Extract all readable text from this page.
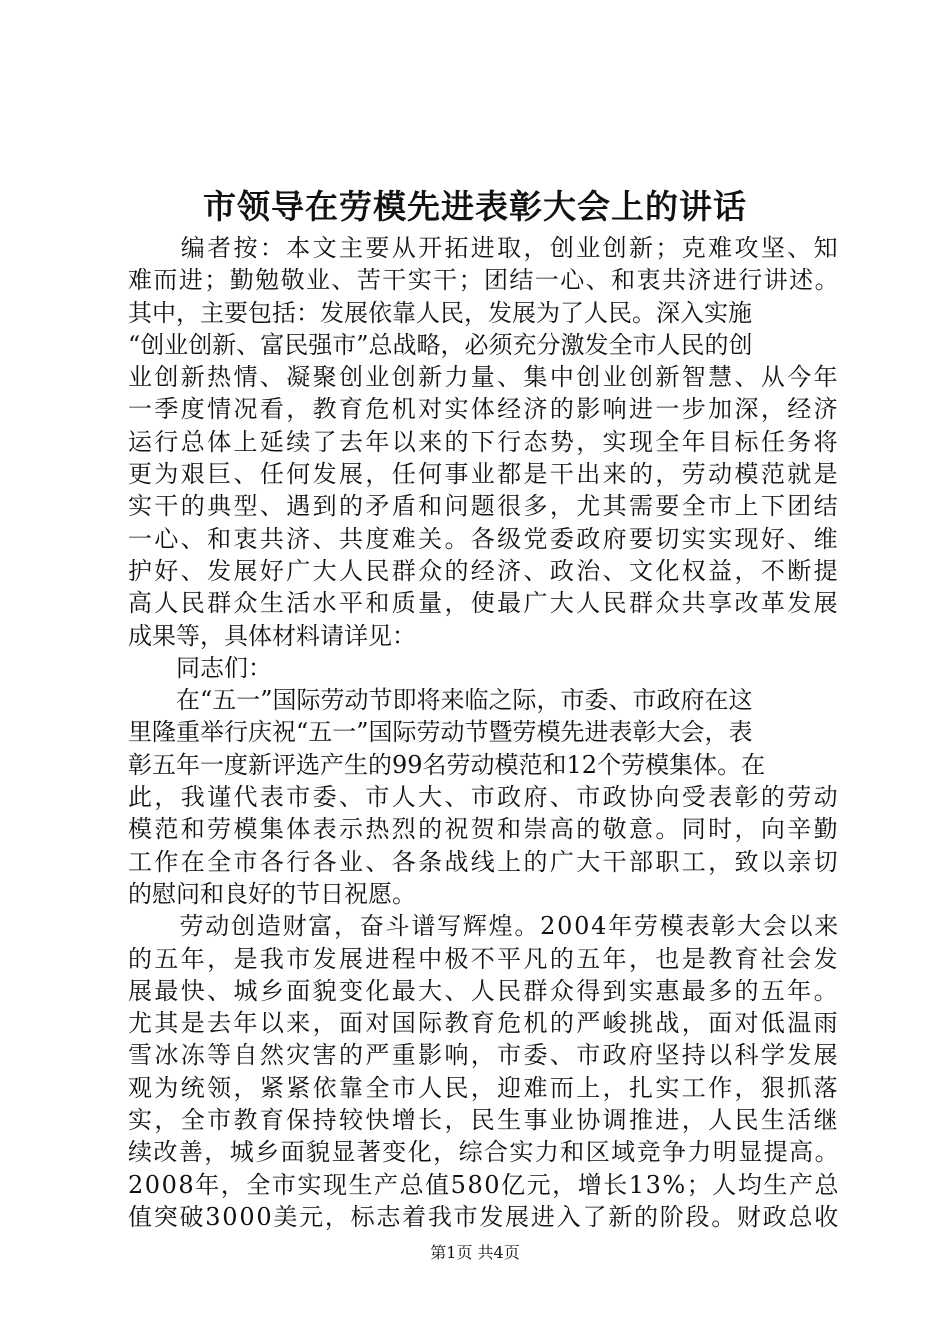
市领导在劳模先进表彰大会上的讲话
　　编者按：本文主要从开拓进取，创业创新；克难攻坚、知
难而进；勤勉敬业、苦干实干；团结一心、和衷共济进行讲述。
其中，主要包括：发展依靠人民，发展为了人民。深入实施
“创业创新、富民强市”总战略，必须充分激发全市人民的创
业创新热情、凝聚创业创新力量、集中创业创新智慧、从今年
一季度情况看，教育危机对实体经济的影响进一步加深，经济
运行总体上延续了去年以来的下行态势，实现全年目标任务将
更为艰巨、任何发展，任何事业都是干出来的，劳动模范就是
实干的典型、遇到的矛盾和问题很多，尤其需要全市上下团结
一心、和衷共济、共度难关。各级党委政府要切实实现好、维
护好、发展好广大人民群众的经济、政治、文化权益，不断提
高人民群众生活水平和质量，使最广大人民群众共享改革发展
成果等，具体材料请详见：
　　同志们：
　　在“五一”国际劳动节即将来临之际，市委、市政府在这
里隆重举行庆祝“五一”国际劳动节暨劳模先进表彰大会，表
彰五年一度新评选产生的99名劳动模范和12个劳模集体。在
此，我谨代表市委、市人大、市政府、市政协向受表彰的劳动
模范和劳模集体表示热烈的祝贺和崇高的敬意。同时，向辛勤
工作在全市各行各业、各条战线上的广大干部职工，致以亲切
的慰问和良好的节日祝愿。
　　劳动创造财富，奋斗谱写辉煌。2004年劳模表彰大会以来
的五年，是我市发展进程中极不平凡的五年，也是教育社会发
展最快、城乡面貌变化最大、人民群众得到实惠最多的五年。
尤其是去年以来，面对国际教育危机的严峻挑战，面对低温雨
雪冰冻等自然灾害的严重影响，市委、市政府坚持以科学发展
观为统领，紧紧依靠全市人民，迎难而上，扎实工作，狠抓落
实，全市教育保持较快增长，民生事业协调推进，人民生活继
续改善，城乡面貌显著变化，综合实力和区域竞争力明显提高。
2008年，全市实现生产总值580亿元，增长13%；人均生产总
值突破3000美元，标志着我市发展进入了新的阶段。财政总收
第1页 共4页
